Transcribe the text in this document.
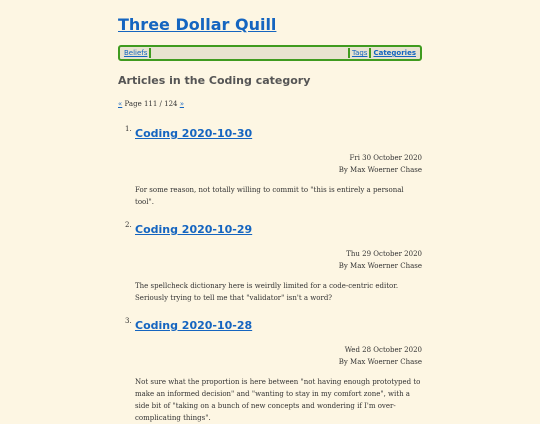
Three Dollar Quill
Beliefs	Tags Categories
Articles in the Coding category
« Page 111 / 124 »
1. Coding 2020-10-30
Fri 30 October 2020
By Max Woerner Chase
For some reason, not totally willing to commit to "this is entirely a personal tool".
2. Coding 2020-10-29
Thu 29 October 2020
By Max Woerner Chase
The spellcheck dictionary here is weirdly limited for a code-centric editor. Seriously trying to tell me that "validator" isn't a word?
3. Coding 2020-10-28
Wed 28 October 2020
By Max Woerner Chase
Not sure what the proportion is here between "not having enough prototyped to make an informed decision" and "wanting to stay in my comfort zone", with a side bit of "taking on a bunch of new concepts and wondering if I'm over-complicating things".
